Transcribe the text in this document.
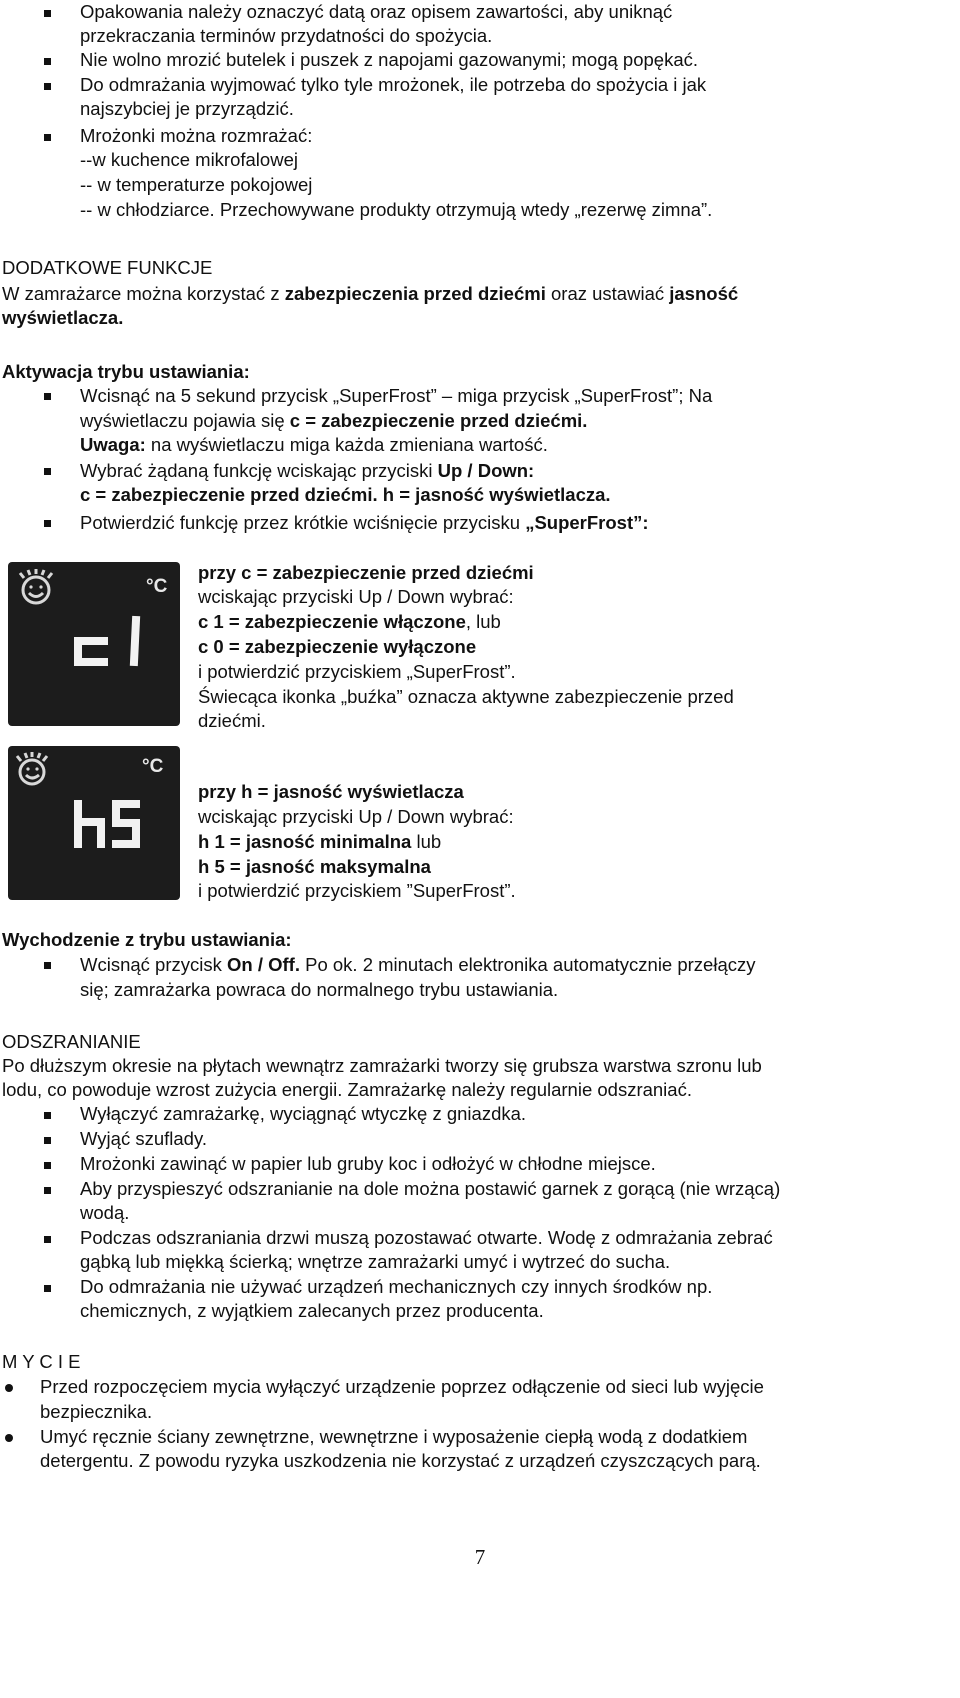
Opakowania należy oznaczyć datą oraz opisem zawartości, aby uniknąć
przekraczania terminów przydatności do spożycia.
Nie wolno mrozić butelek i puszek z napojami gazowanymi; mogą popękać.
Do odmrażania wyjmować tylko tyle mrożonek, ile potrzeba do spożycia i jak
najszybciej je przyrządzić.
Mrożonki można rozmrażać:
--w kuchence mikrofalowej
-- w temperaturze pokojowej
-- w chłodziarce. Przechowywane produkty otrzymują wtedy „rezerwę zimna”.
DODATKOWE FUNKCJE
W zamrażarce można korzystać z zabezpieczenia przed dziećmi oraz ustawiać jasność
wyświetlacza.
Aktywacja trybu ustawiania:
Wcisnąć na 5 sekund przycisk „SuperFrost” – miga przycisk „SuperFrost”; Na
wyświetlaczu pojawia się c = zabezpieczenie przed dziećmi.
Uwaga: na wyświetlaczu miga każda zmieniana wartość.
Wybrać żądaną funkcję wciskając przyciski Up / Down:
c = zabezpieczenie przed dziećmi. h = jasność wyświetlacza.
Potwierdzić funkcję przez krótkie wciśnięcie przycisku „SuperFrost”:
°C
przy c = zabezpieczenie przed dziećmi
wciskając przyciski Up / Down wybrać:
c 1 = zabezpieczenie włączone, lub
c 0 = zabezpieczenie wyłączone
i potwierdzić przyciskiem „SuperFrost”.
Świecąca ikonka „buźka” oznacza aktywne zabezpieczenie przed
dziećmi.
°C
przy h = jasność wyświetlacza
wciskając przyciski Up / Down wybrać:
h 1 = jasność minimalna lub
h 5 = jasność maksymalna
i potwierdzić przyciskiem ”SuperFrost”.
Wychodzenie z trybu ustawiania:
Wcisnąć przycisk On / Off. Po ok. 2 minutach elektronika automatycznie przełączy
się; zamrażarka powraca do normalnego trybu ustawiania.
ODSZRANIANIE
Po dłuższym okresie na płytach wewnątrz zamrażarki tworzy się grubsza warstwa szronu lub
lodu, co powoduje wzrost zużycia energii. Zamrażarkę należy regularnie odszraniać.
Wyłączyć zamrażarkę, wyciągnąć wtyczkę z gniazdka.
Wyjąć szuflady.
Mrożonki zawinąć w papier lub gruby koc i odłożyć w chłodne miejsce.
Aby przyspieszyć odszranianie na dole można postawić garnek z gorącą (nie wrzącą)
wodą.
Podczas odszraniania drzwi muszą pozostawać otwarte. Wodę z odmrażania zebrać
gąbką lub miękką ścierką; wnętrze zamrażarki umyć i wytrzeć do sucha.
Do odmrażania nie używać urządzeń mechanicznych czy innych środków np.
chemicznych, z wyjątkiem zalecanych przez producenta.
M Y C I E
Przed rozpoczęciem mycia wyłączyć urządzenie poprzez odłączenie od sieci lub wyjęcie
bezpiecznika.
Umyć ręcznie ściany zewnętrzne, wewnętrzne i wyposażenie ciepłą wodą z dodatkiem
detergentu. Z powodu ryzyka uszkodzenia nie korzystać z urządzeń czyszczących parą.
7
